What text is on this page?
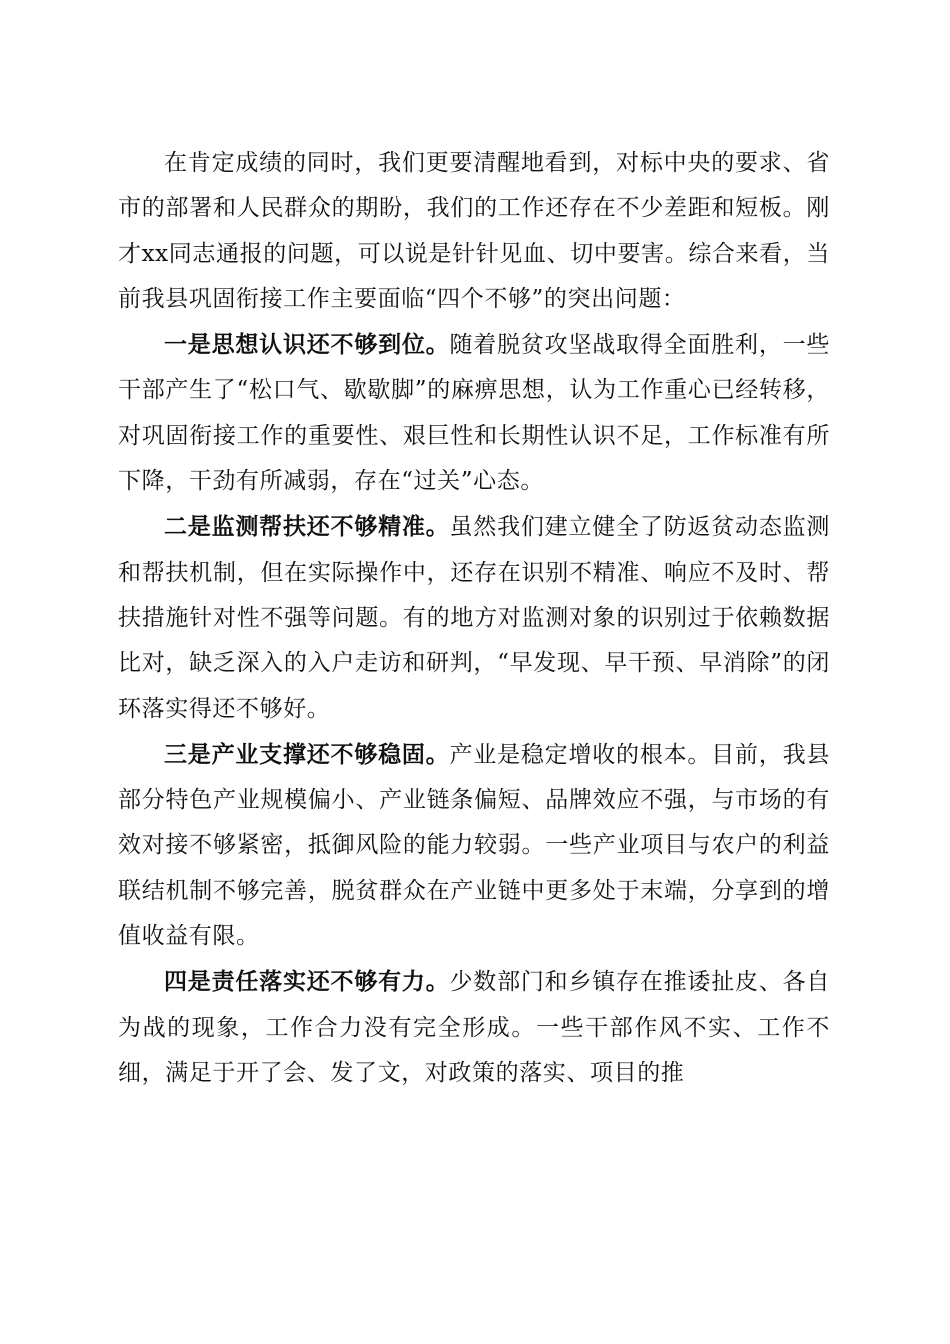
在肯定成绩的同时，我们更要清醒地看到，对标中央的要求、省市的部署和人民群众的期盼，我们的工作还存在不少差距和短板。刚才xx同志通报的问题，可以说是针针见血、切中要害。综合来看，当前我县巩固衔接工作主要面临“四个不够”的突出问题：

一是思想认识还不够到位。随着脱贫攻坚战取得全面胜利，一些干部产生了“松口气、歇歇脚”的麻痹思想，认为工作重心已经转移，对巩固衔接工作的重要性、艰巨性和长期性认识不足，工作标准有所下降，干劲有所减弱，存在“过关”心态。

二是监测帮扶还不够精准。虽然我们建立健全了防返贫动态监测和帮扶机制，但在实际操作中，还存在识别不精准、响应不及时、帮扶措施针对性不强等问题。有的地方对监测对象的识别过于依赖数据比对，缺乏深入的入户走访和研判，“早发现、早干预、早消除”的闭环落实得还不够好。

三是产业支撑还不够稳固。产业是稳定增收的根本。目前，我县部分特色产业规模偏小、产业链条偏短、品牌效应不强，与市场的有效对接不够紧密，抵御风险的能力较弱。一些产业项目与农户的利益联结机制不够完善，脱贫群众在产业链中更多处于末端，分享到的增值收益有限。

四是责任落实还不够有力。少数部门和乡镇存在推诿扯皮、各自为战的现象，工作合力没有完全形成。一些干部作风不实、工作不细，满足于开了会、发了文，对政策的落实、项目的推
